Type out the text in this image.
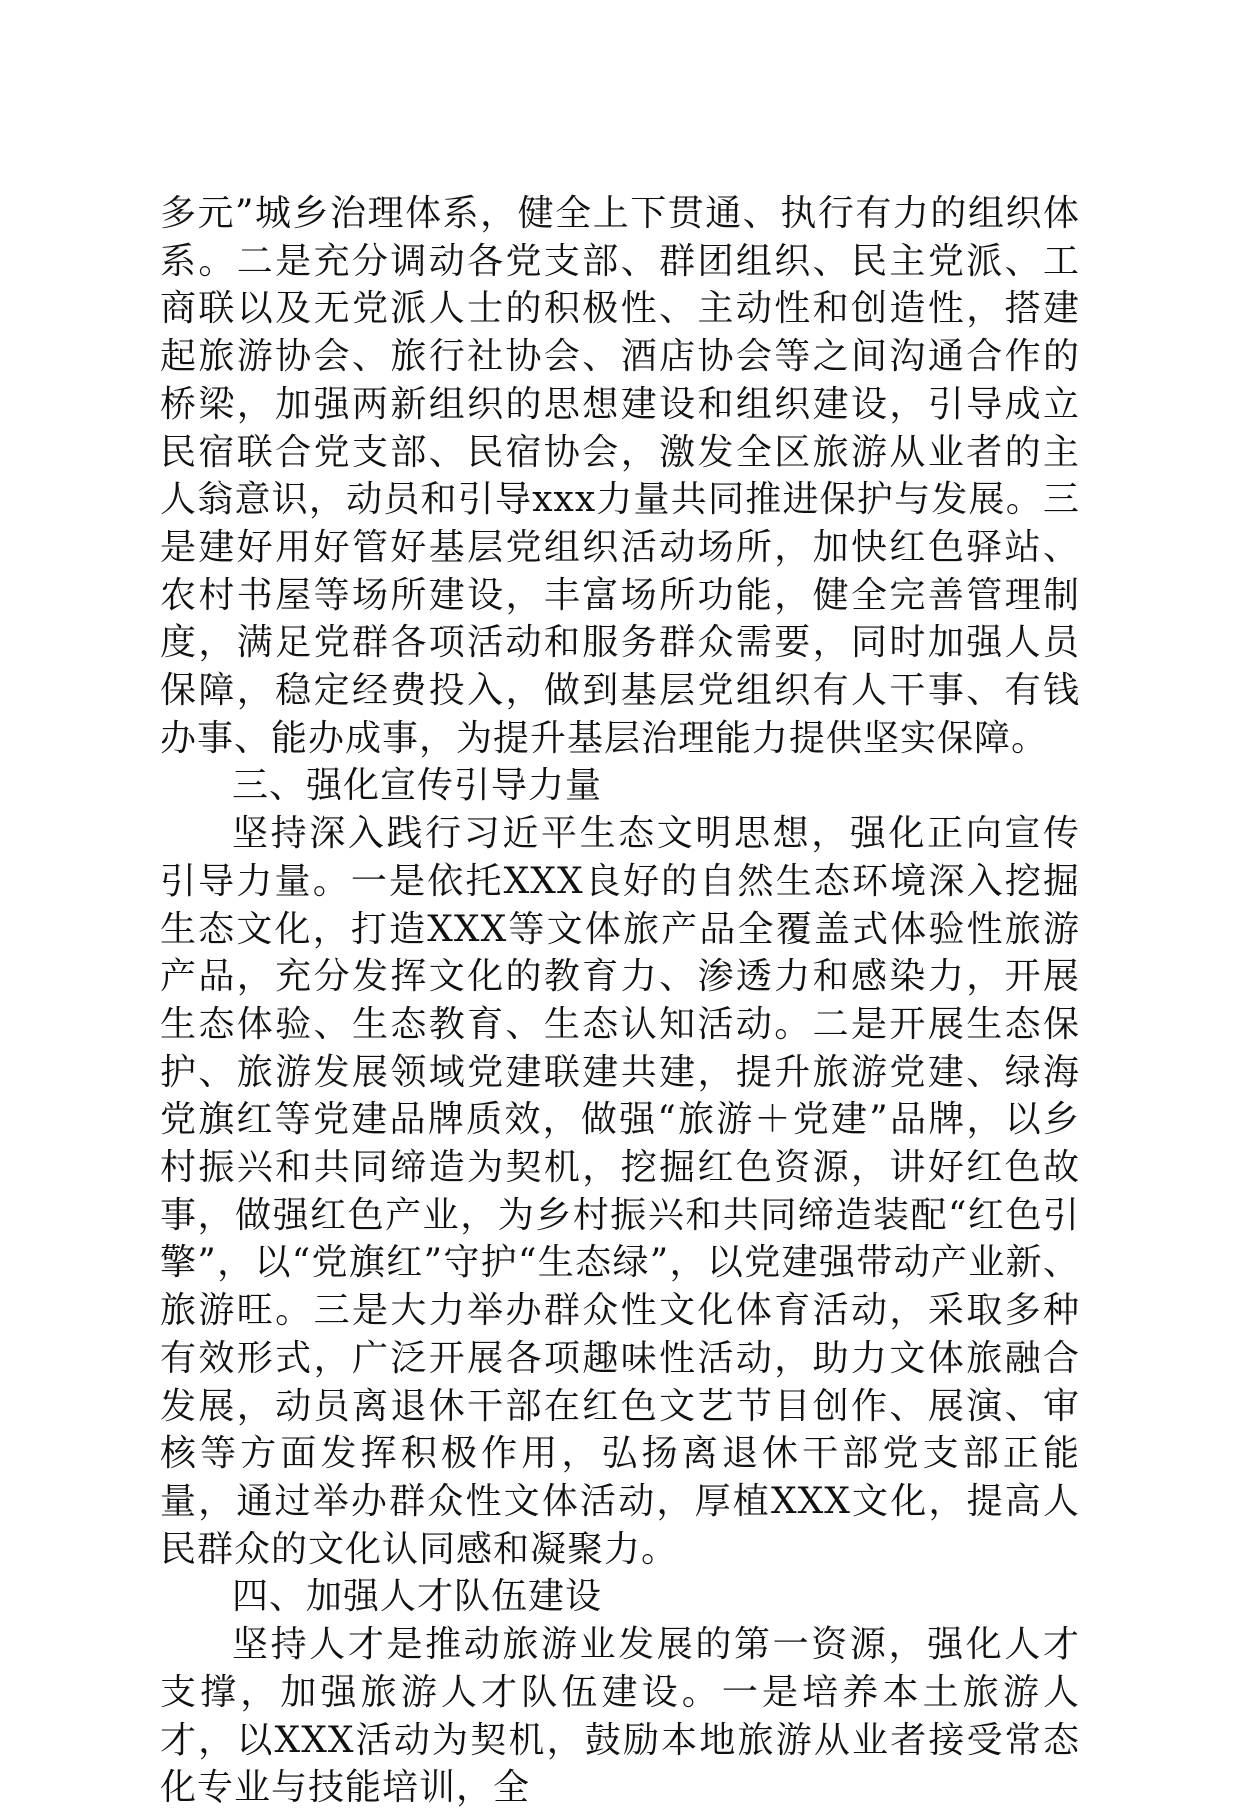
多元”城乡治理体系，健全上下贯通、执行有力的组织体系。二是充分调动各党支部、群团组织、民主党派、工商联以及无党派人士的积极性、主动性和创造性，搭建起旅游协会、旅行社协会、酒店协会等之间沟通合作的桥梁，加强两新组织的思想建设和组织建设，引导成立民宿联合党支部、民宿协会，激发全区旅游从业者的主人翁意识，动员和引导xxx力量共同推进保护与发展。三是建好用好管好基层党组织活动场所，加快红色驿站、农村书屋等场所建设，丰富场所功能，健全完善管理制度，满足党群各项活动和服务群众需要，同时加强人员保障，稳定经费投入，做到基层党组织有人干事、有钱办事、能办成事，为提升基层治理能力提供坚实保障。

三、强化宣传引导力量

坚持深入践行习近平生态文明思想，强化正向宣传引导力量。一是依托XXX良好的自然生态环境深入挖掘生态文化，打造XXX等文体旅产品全覆盖式体验性旅游产品，充分发挥文化的教育力、渗透力和感染力，开展生态体验、生态教育、生态认知活动。二是开展生态保护、旅游发展领域党建联建共建，提升旅游党建、绿海党旗红等党建品牌质效，做强“旅游＋党建”品牌，以乡村振兴和共同缔造为契机，挖掘红色资源，讲好红色故事，做强红色产业，为乡村振兴和共同缔造装配“红色引擎”，以“党旗红”守护“生态绿”，以党建强带动产业新、旅游旺。三是大力举办群众性文化体育活动，采取多种有效形式，广泛开展各项趣味性活动，助力文体旅融合发展，动员离退休干部在红色文艺节目创作、展演、审核等方面发挥积极作用，弘扬离退休干部党支部正能量，通过举办群众性文体活动，厚植XXX文化，提高人民群众的文化认同感和凝聚力。

四、加强人才队伍建设

坚持人才是推动旅游业发展的第一资源，强化人才支撑，加强旅游人才队伍建设。一是培养本土旅游人才，以XXX活动为契机，鼓励本地旅游从业者接受常态化专业与技能培训，全
